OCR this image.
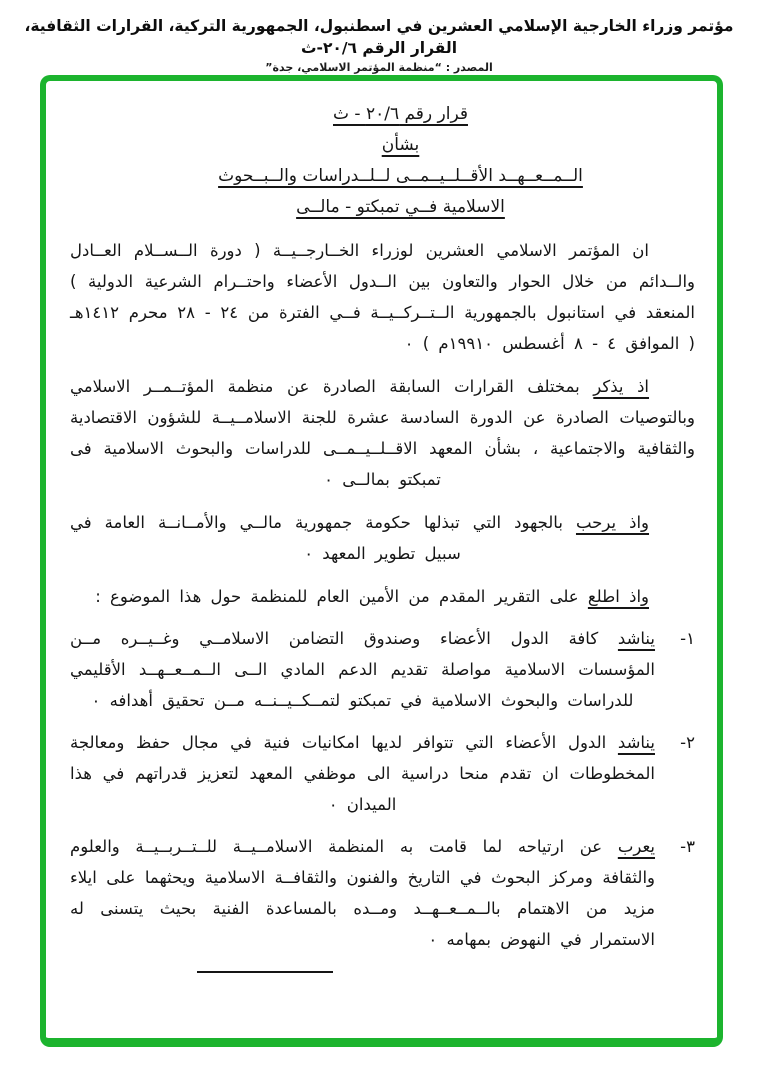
مؤتمر وزراء الخارجية الإسلامي العشرين في اسطنبول، الجمهورية التركية، القرارات الثقافية، القرار الرقم ٢٠/٦-ث
المصدر : “منظمة المؤتمر الاسلامي، جدة”
قرار رقم ٢٠/٦ - ث
بشأن
الــمــعــهــد الأقــلــيــمــى لــلــدراسات والــبــحوث
الاسلامية فــي تمبكتو - مالــى
ان المؤتمر الاسلامي العشرين لوزراء الخــارجــيــة ( دورة الــســلام العــادل والــدائم من خلال الحوار والتعاون بين الــدول الأعضاء واحتــرام الشرعية الدولية ) المنعقد في استانبول بالجمهورية الــتــركــيــة فــي الفترة من ٢٤ - ٢٨ محرم ١٤١٢هـ ( الموافق ٤ - ٨ أغسطس ١٩٩١٠م ) ٠
اذ يذكر بمختلف القرارات السابقة الصادرة عن منظمة المؤتــمــر الاسلامي وبالتوصيات الصادرة عن الدورة السادسة عشرة للجنة الاسلامــيــة للشؤون الاقتصادية والثقافية والاجتماعية ، بشأن المعهد الاقــلــيــمــى للدراسات والبحوث الاسلامية فى تمبكتو بمالــى ٠
واذ يرحب بالجهود التي تبذلها حكومة جمهورية مالــي والأمــانــة العامة في سبيل تطوير المعهد ٠
واذ اطلع على التقرير المقدم من الأمين العام للمنظمة حول هذا الموضوع :
١-
يناشد كافة الدول الأعضاء وصندوق التضامن الاسلامــي وغــيــره مــن المؤسسات الاسلامية مواصلة تقديم الدعم المادي الــى الــمــعــهــد الأقليمي للدراسات والبحوث الاسلامية في تمبكتو لتمــكــيــنــه مــن تحقيق أهدافه ٠
٢-
يناشد الدول الأعضاء التي تتوافر لديها امكانيات فنية في مجال حفظ ومعالجة المخطوطات ان تقدم منحا دراسية الى موظفي المعهد لتعزيز قدراتهم في هذا الميدان ٠
٣-
يعرب عن ارتياحه لما قامت به المنظمة الاسلامــيــة للــتــربــيــة والعلوم والثقافة ومركز البحوث في التاريخ والفنون والثقافــة الاسلامية ويحثهما على ايلاء مزيد من الاهتمام بالــمــعــهــد ومــده بالمساعدة الفنية بحيث يتسنى له الاستمرار في النهوض بمهامه ٠
